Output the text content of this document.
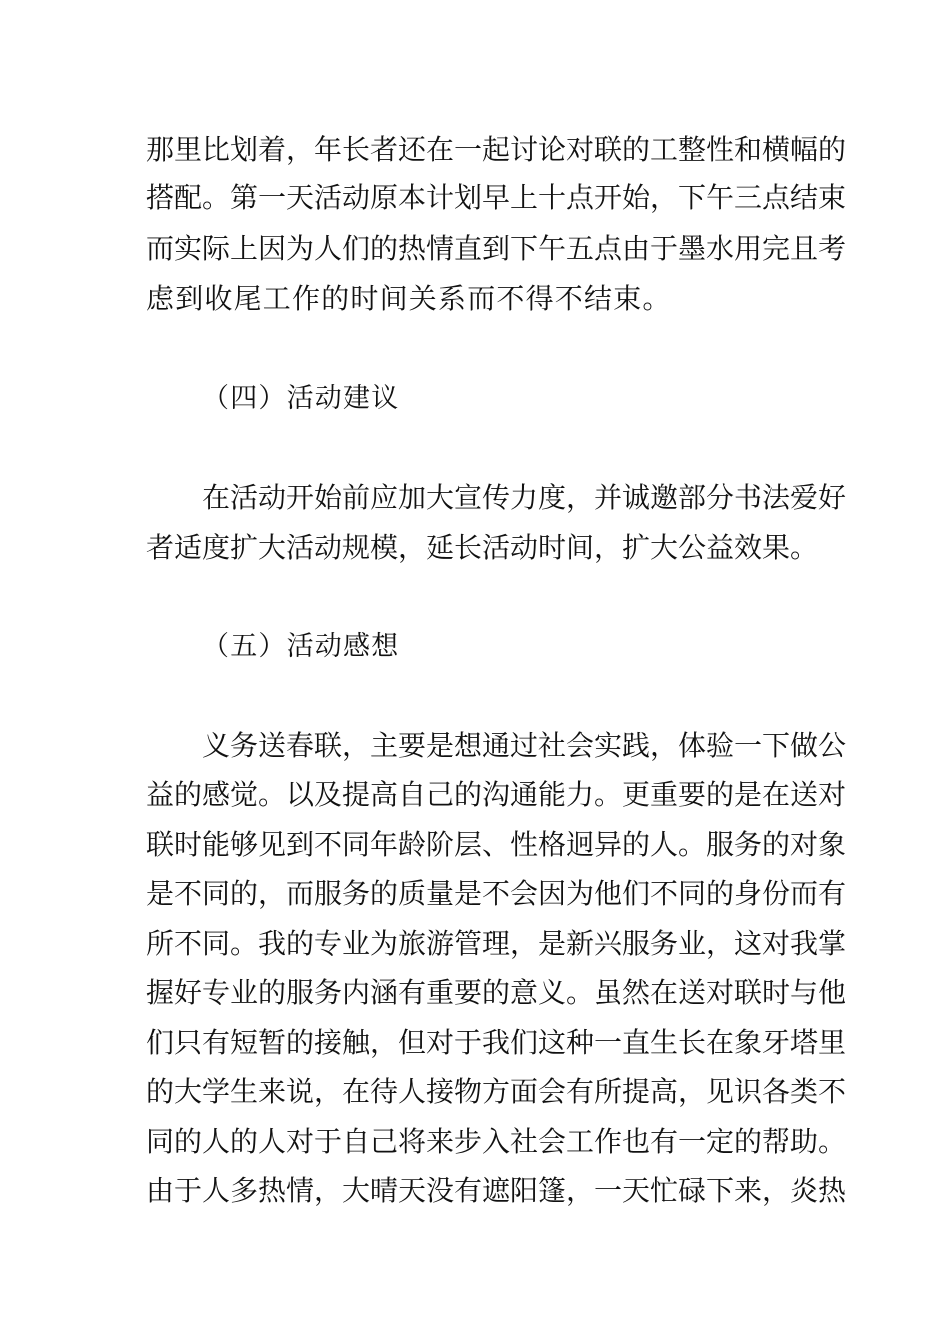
那里比划着，年长者还在一起讨论对联的工整性和横幅的
搭配。第一天活动原本计划早上十点开始，下午三点结束
而实际上因为人们的热情直到下午五点由于墨水用完且考
虑到收尾工作的时间关系而不得不结束。
（四）活动建议
在活动开始前应加大宣传力度，并诚邀部分书法爱好
者适度扩大活动规模，延长活动时间，扩大公益效果。
（五）活动感想
义务送春联，主要是想通过社会实践，体验一下做公
益的感觉。以及提高自己的沟通能力。更重要的是在送对
联时能够见到不同年龄阶层、性格迥异的人。服务的对象
是不同的，而服务的质量是不会因为他们不同的身份而有
所不同。我的专业为旅游管理，是新兴服务业，这对我掌
握好专业的服务内涵有重要的意义。虽然在送对联时与他
们只有短暂的接触，但对于我们这种一直生长在象牙塔里
的大学生来说，在待人接物方面会有所提高，见识各类不
同的人的人对于自己将来步入社会工作也有一定的帮助。
由于人多热情，大晴天没有遮阳篷，一天忙碌下来，炎热
